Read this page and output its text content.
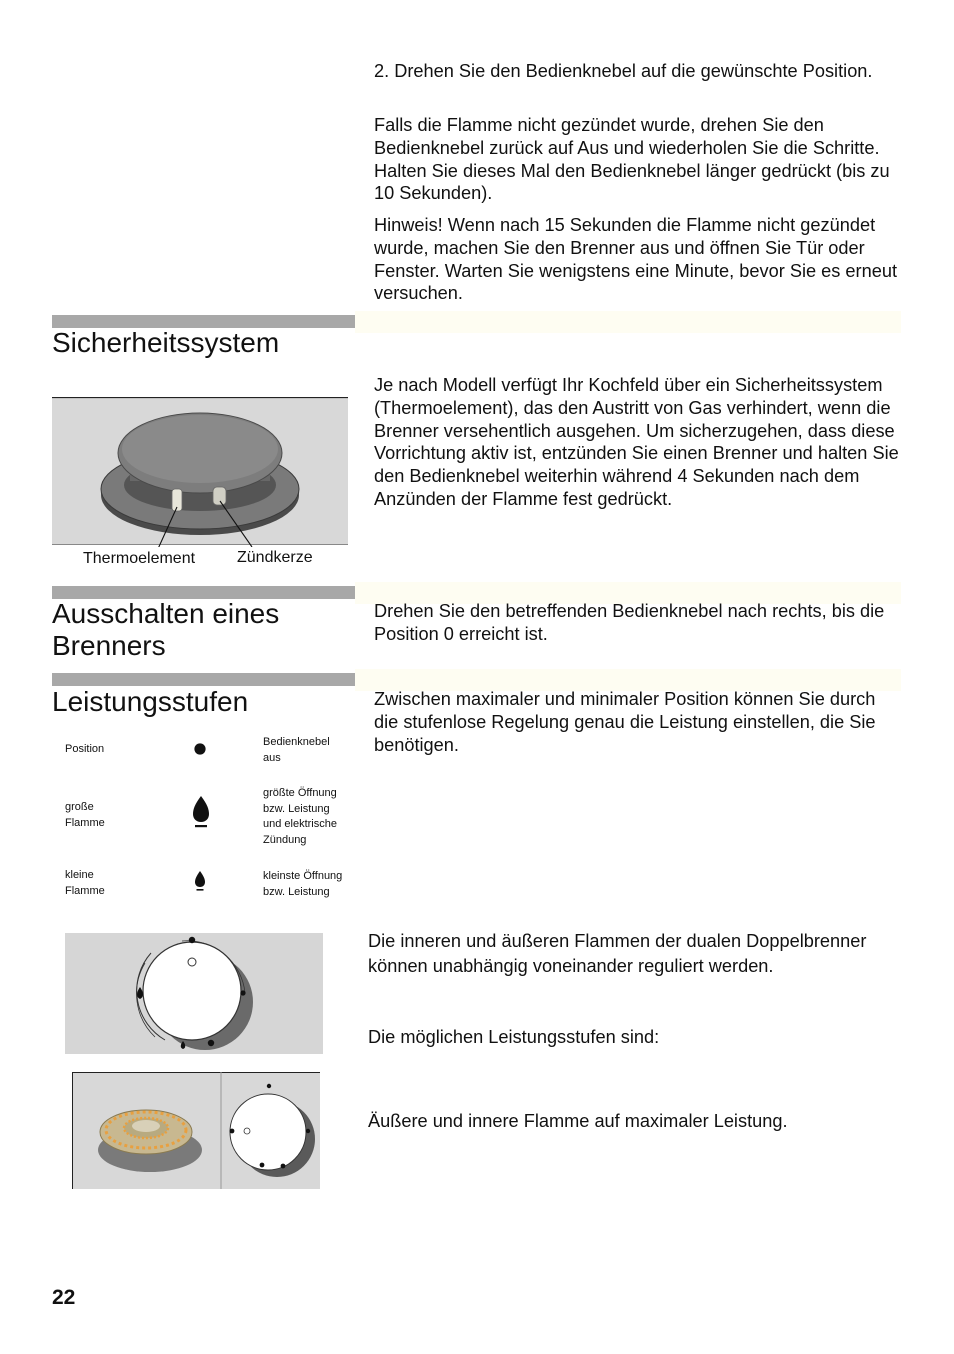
2. Drehen Sie den Bedienknebel auf die gewünschte Position.

Falls die Flamme nicht gezündet wurde, drehen Sie den Bedienknebel zurück auf Aus und wiederholen Sie die Schritte. Halten Sie dieses Mal den Bedienknebel länger gedrückt (bis zu 10 Sekunden).

Hinweis! Wenn nach 15 Sekunden die Flamme nicht gezündet wurde, machen Sie den Brenner aus und öffnen Sie Tür oder Fenster. Warten Sie wenigstens eine Minute, bevor Sie es erneut versuchen.

Sicherheitssystem

Je nach Modell verfügt Ihr Kochfeld über ein Sicherheitssystem (Thermoelement), das den Austritt von Gas verhindert, wenn die Brenner versehentlich ausgehen. Um sicherzugehen, dass diese Vorrichtung aktiv ist, entzünden Sie einen Brenner und halten Sie den Bedienknebel weiterhin während 4 Sekunden nach dem Anzünden der Flamme fest gedrückt.

Thermoelement	Zündkerze
Ausschalten eines
Brenners

Drehen Sie den betreffenden Bedienknebel nach rechts, bis die Position 0 erreicht ist.

Leistungsstufen	Zwischen maximaler und minimaler Position können Sie durch die stufenlose Regelung genau die Leistung einstellen, die Sie benötigen.

Position
Bedienknebel
aus
große
Flamme
größte Öffnung
bzw. Leistung
und elektrische
Zündung
kleine
Flamme
kleinste Öffnung
bzw. Leistung

Die inneren und äußeren Flammen der dualen Doppelbrenner können unabhängig voneinander reguliert werden.

Die möglichen Leistungsstufen sind:

Äußere und innere Flamme auf maximaler Leistung.

22
